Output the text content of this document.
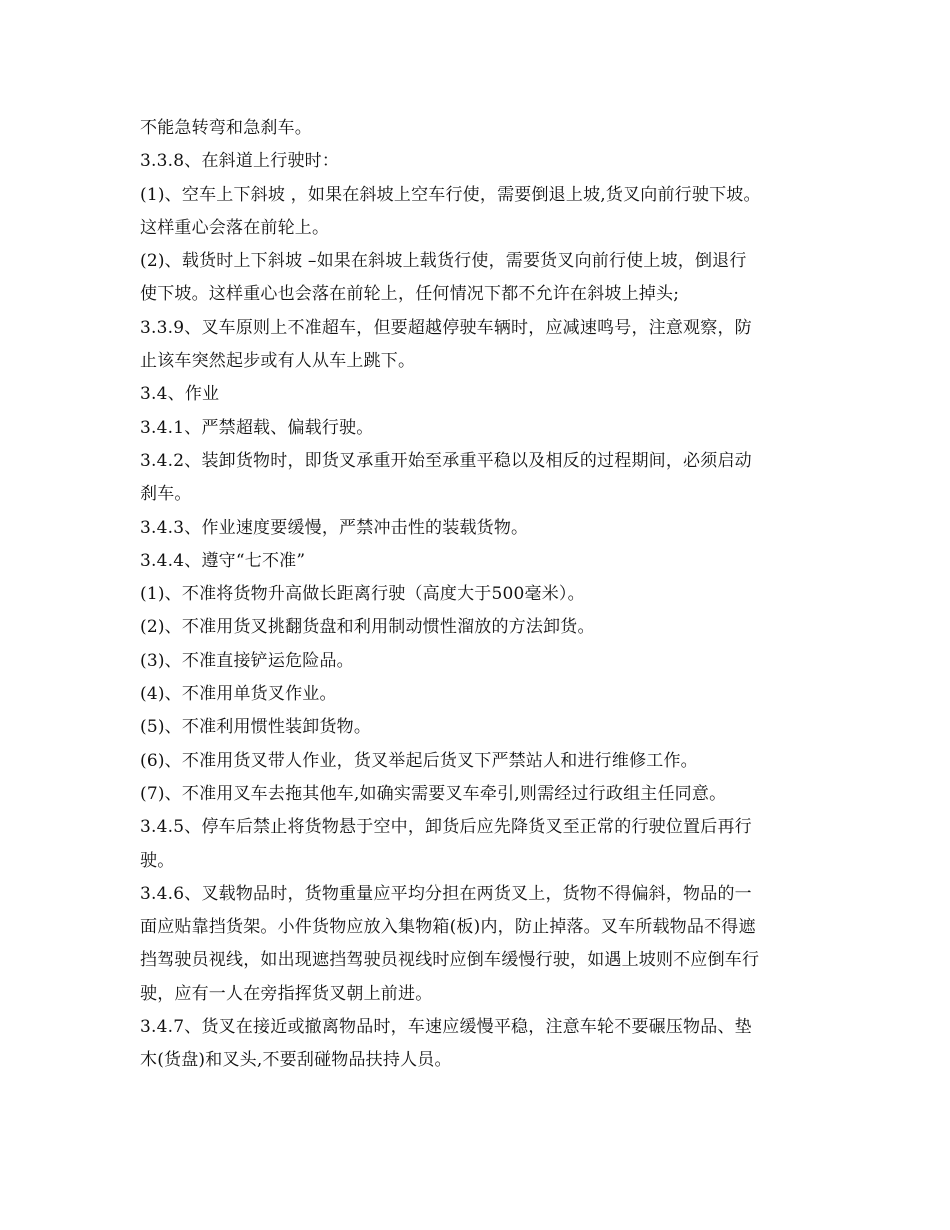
不能急转弯和急刹车。
3.3.8、在斜道上行驶时：
(1)、空车上下斜坡 ，如果在斜坡上空车行使，需要倒退上坡,货叉向前行驶下坡。
这样重心会落在前轮上。
(2)、载货时上下斜坡 –如果在斜坡上载货行使，需要货叉向前行使上坡，倒退行
使下坡。这样重心也会落在前轮上，任何情况下都不允许在斜坡上掉头;
3.3.9、叉车原则上不准超车，但要超越停驶车辆时，应减速鸣号，注意观察，防
止该车突然起步或有人从车上跳下。
3.4、作业
3.4.1、严禁超载、偏载行驶。
3.4.2、装卸货物时，即货叉承重开始至承重平稳以及相反的过程期间，必须启动
刹车。
3.4.3、作业速度要缓慢，严禁冲击性的装载货物。
3.4.4、遵守“七不准”
(1)、不准将货物升高做长距离行驶（高度大于500毫米）。
(2)、不准用货叉挑翻货盘和利用制动惯性溜放的方法卸货。
(3)、不准直接铲运危险品。
(4)、不准用单货叉作业。
(5)、不准利用惯性装卸货物。
(6)、不准用货叉带人作业，货叉举起后货叉下严禁站人和进行维修工作。
(7)、不准用叉车去拖其他车,如确实需要叉车牵引,则需经过行政组主任同意。
3.4.5、停车后禁止将货物悬于空中，卸货后应先降货叉至正常的行驶位置后再行
驶。
3.4.6、叉载物品时，货物重量应平均分担在两货叉上，货物不得偏斜，物品的一
面应贴靠挡货架。小件货物应放入集物箱(板)内，防止掉落。叉车所载物品不得遮
挡驾驶员视线，如出现遮挡驾驶员视线时应倒车缓慢行驶，如遇上坡则不应倒车行
驶，应有一人在旁指挥货叉朝上前进。
3.4.7、货叉在接近或撤离物品时，车速应缓慢平稳，注意车轮不要碾压物品、垫
木(货盘)和叉头,不要刮碰物品扶持人员。
